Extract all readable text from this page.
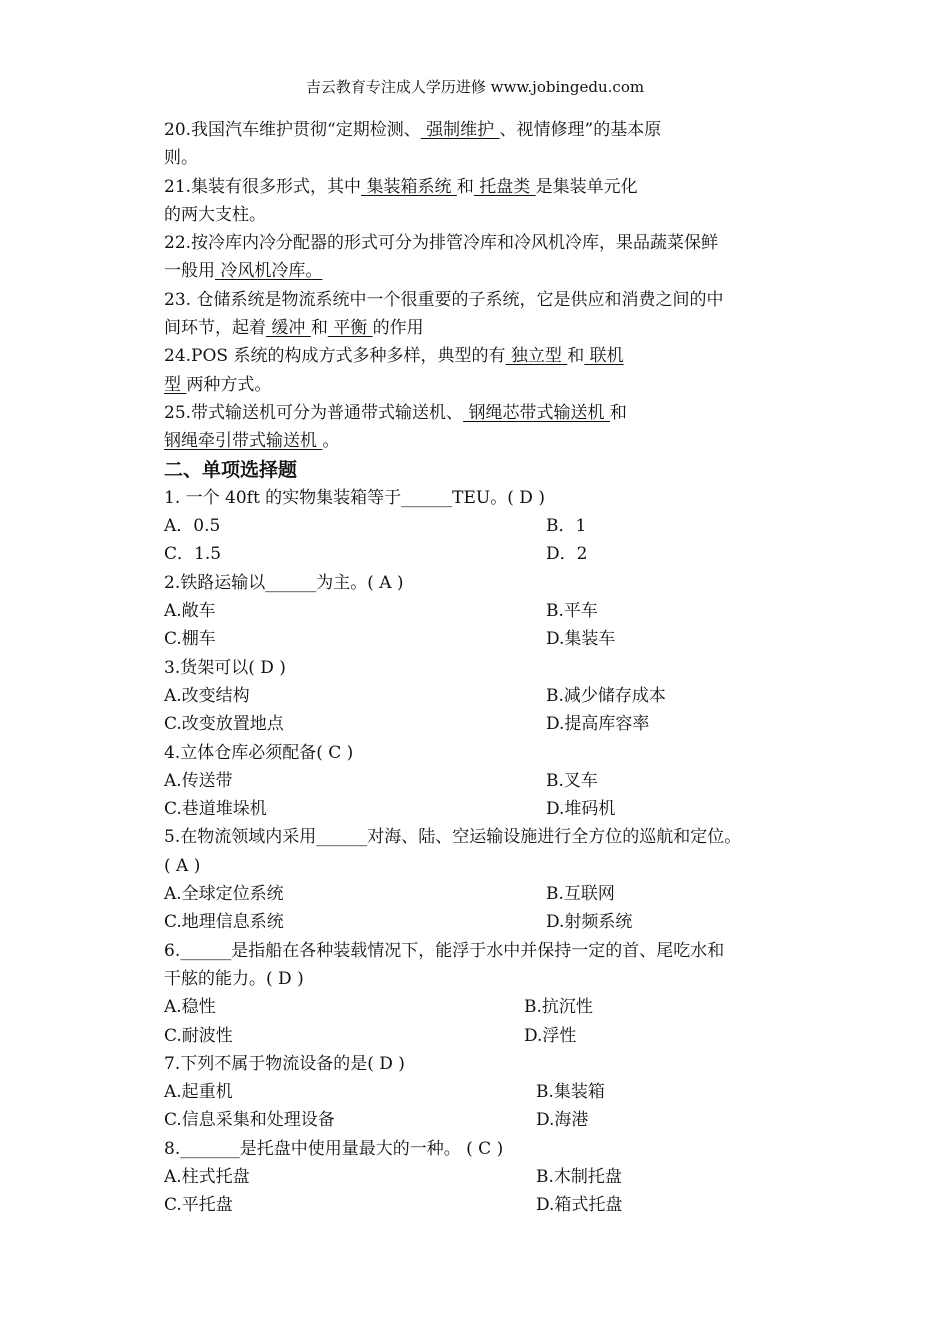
吉云教育专注成人学历进修 www.jobingedu.com
20.我国汽车维护贯彻“定期检测、 强制维护 、视情修理”的基本原
则。
21.集装有很多形式，其中 集装箱系统 和 托盘类 是集装单元化
的两大支柱。
22.按冷库内冷分配器的形式可分为排管冷库和冷风机冷库，果品蔬菜保鲜
一般用 冷风机冷库。
23. 仓储系统是物流系统中一个很重要的子系统，它是供应和消费之间的中
间环节，起着 缓冲 和 平衡 的作用
24.POS 系统的构成方式多种多样，典型的有 独立型 和 联机
型 两种方式。
25.带式输送机可分为普通带式输送机、 钢绳芯带式输送机 和
钢绳牵引带式输送机 。
二、单项选择题
1. 一个 40ft 的实物集装箱等于______TEU。( D )
A．0.5	B．1
C．1.5	D．2
2.铁路运输以______为主。( A )
A.敞车	B.平车
C.棚车	D.集装车
3.货架可以( D )
A.改变结构	B.减少储存成本
C.改变放置地点	D.提高库容率
4.立体仓库必须配备( C )
A.传送带	B.叉车
C.巷道堆垛机	D.堆码机
5.在物流领域内采用______对海、陆、空运输设施进行全方位的巡航和定位。
( A )
A.全球定位系统	B.互联网
C.地理信息系统	D.射频系统
6.______是指船在各种装载情况下，能浮于水中并保持一定的首、尾吃水和
干舷的能力。( D )
A.稳性	B.抗沉性
C.耐波性	D.浮性
7.下列不属于物流设备的是( D )
A.起重机	B.集装箱
C.信息采集和处理设备	D.海港
8._______是托盘中使用量最大的一种。 ( C )
A.柱式托盘	B.木制托盘
C.平托盘	D.箱式托盘
